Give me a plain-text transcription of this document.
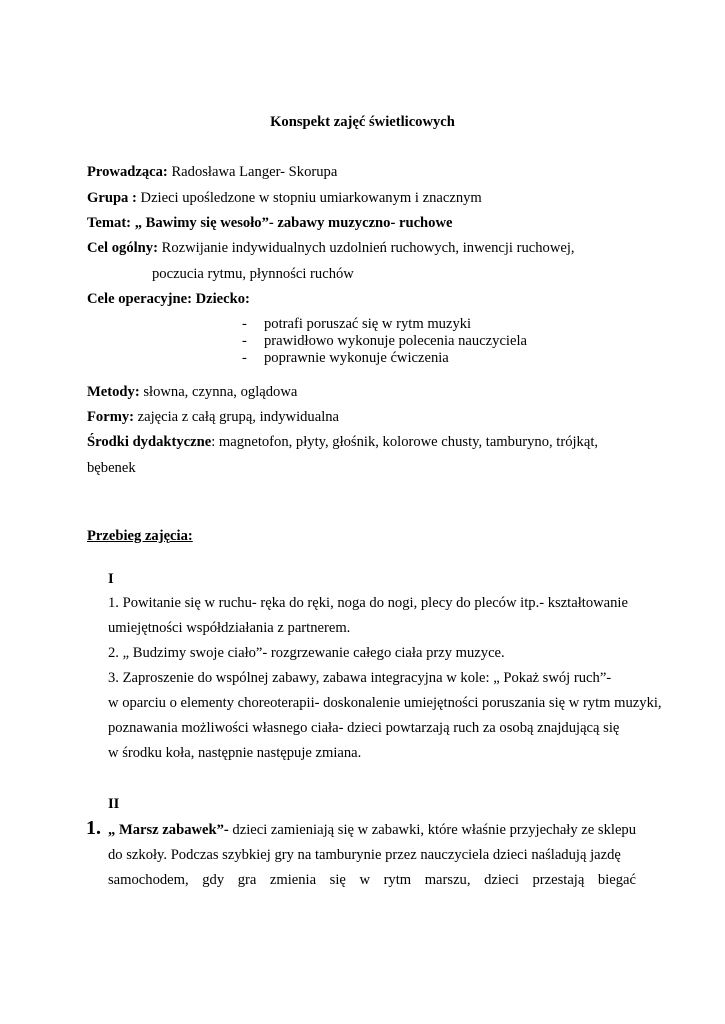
Konspekt zajęć świetlicowych
Prowadząca: Radosława Langer- Skorupa
Grupa : Dzieci upośledzone w stopniu umiarkowanym i znacznym
Temat: „ Bawimy się wesoło”- zabawy muzyczno- ruchowe
Cel ogólny: Rozwijanie indywidualnych uzdolnień ruchowych, inwencji ruchowej,
poczucia rytmu, płynności ruchów
Cele operacyjne: Dziecko:
- potrafi poruszać się w rytm muzyki
- prawidłowo wykonuje polecenia nauczyciela
- poprawnie wykonuje ćwiczenia
Metody: słowna, czynna, oglądowa
Formy: zajęcia z całą grupą, indywidualna
Środki dydaktyczne: magnetofon, płyty, głośnik, kolorowe chusty, tamburyno, trójkąt,
bębenek
Przebieg zajęcia:
I
1. Powitanie się w ruchu- ręka do ręki, noga do nogi, plecy do pleców itp.- kształtowanie
umiejętności współdziałania z partnerem.
2. „ Budzimy swoje ciało”- rozgrzewanie całego ciała przy muzyce.
3. Zaproszenie do wspólnej zabawy, zabawa integracyjna w kole: „ Pokaż swój ruch”-
w oparciu o elementy choreoterapii- doskonalenie umiejętności poruszania się w rytm muzyki,
poznawania możliwości własnego ciała- dzieci powtarzają ruch za osobą znajdującą się
w środku koła, następnie następuje zmiana.
II
1. „ Marsz zabawek”- dzieci zamieniają się w zabawki, które właśnie przyjechały ze sklepu
do szkoły. Podczas szybkiej gry na tamburynie przez nauczyciela dzieci naśladują jazdę
samochodem, gdy gra zmienia się w rytm marszu, dzieci przestają biegać
